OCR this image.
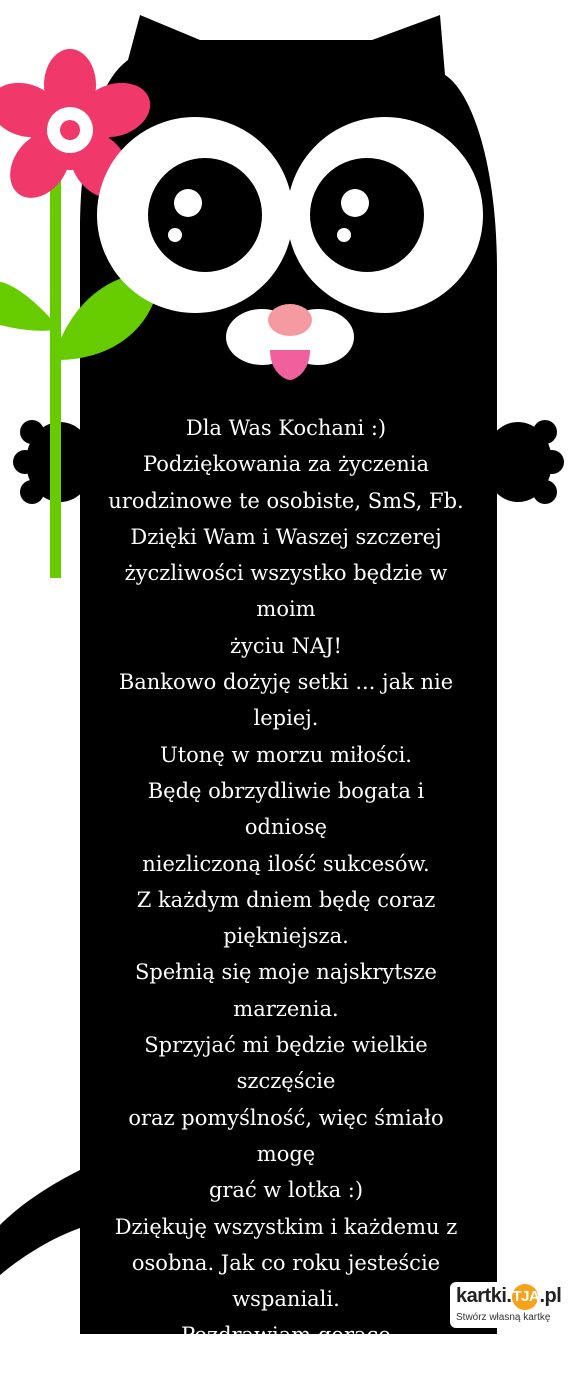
Dla Was Kochani :)
Podziękowania za życzenia
urodzinowe te osobiste, SmS, Fb.
Dzięki Wam i Waszej szczerej
życzliwości wszystko będzie w moim
życiu NAJ!
Bankowo dożyję setki ... jak nie
lepiej.
Utonę w morzu miłości.
Będę obrzydliwie bogata i odniosę
niezliczoną ilość sukcesów.
Z każdym dniem będę coraz
piękniejsza.
Spełnią się moje najskrytsze
marzenia.
Sprzyjać mi będzie wielkie szczęście
oraz pomyślność, więc śmiało mogę
grać w lotka :)
Dziękuję wszystkim i każdemu z
osobna. Jak co roku jesteście
wspaniali.
Pozdrawiam gorąco
OLA :*
kartki.TJA.pl
Stwórz własną kartkę
